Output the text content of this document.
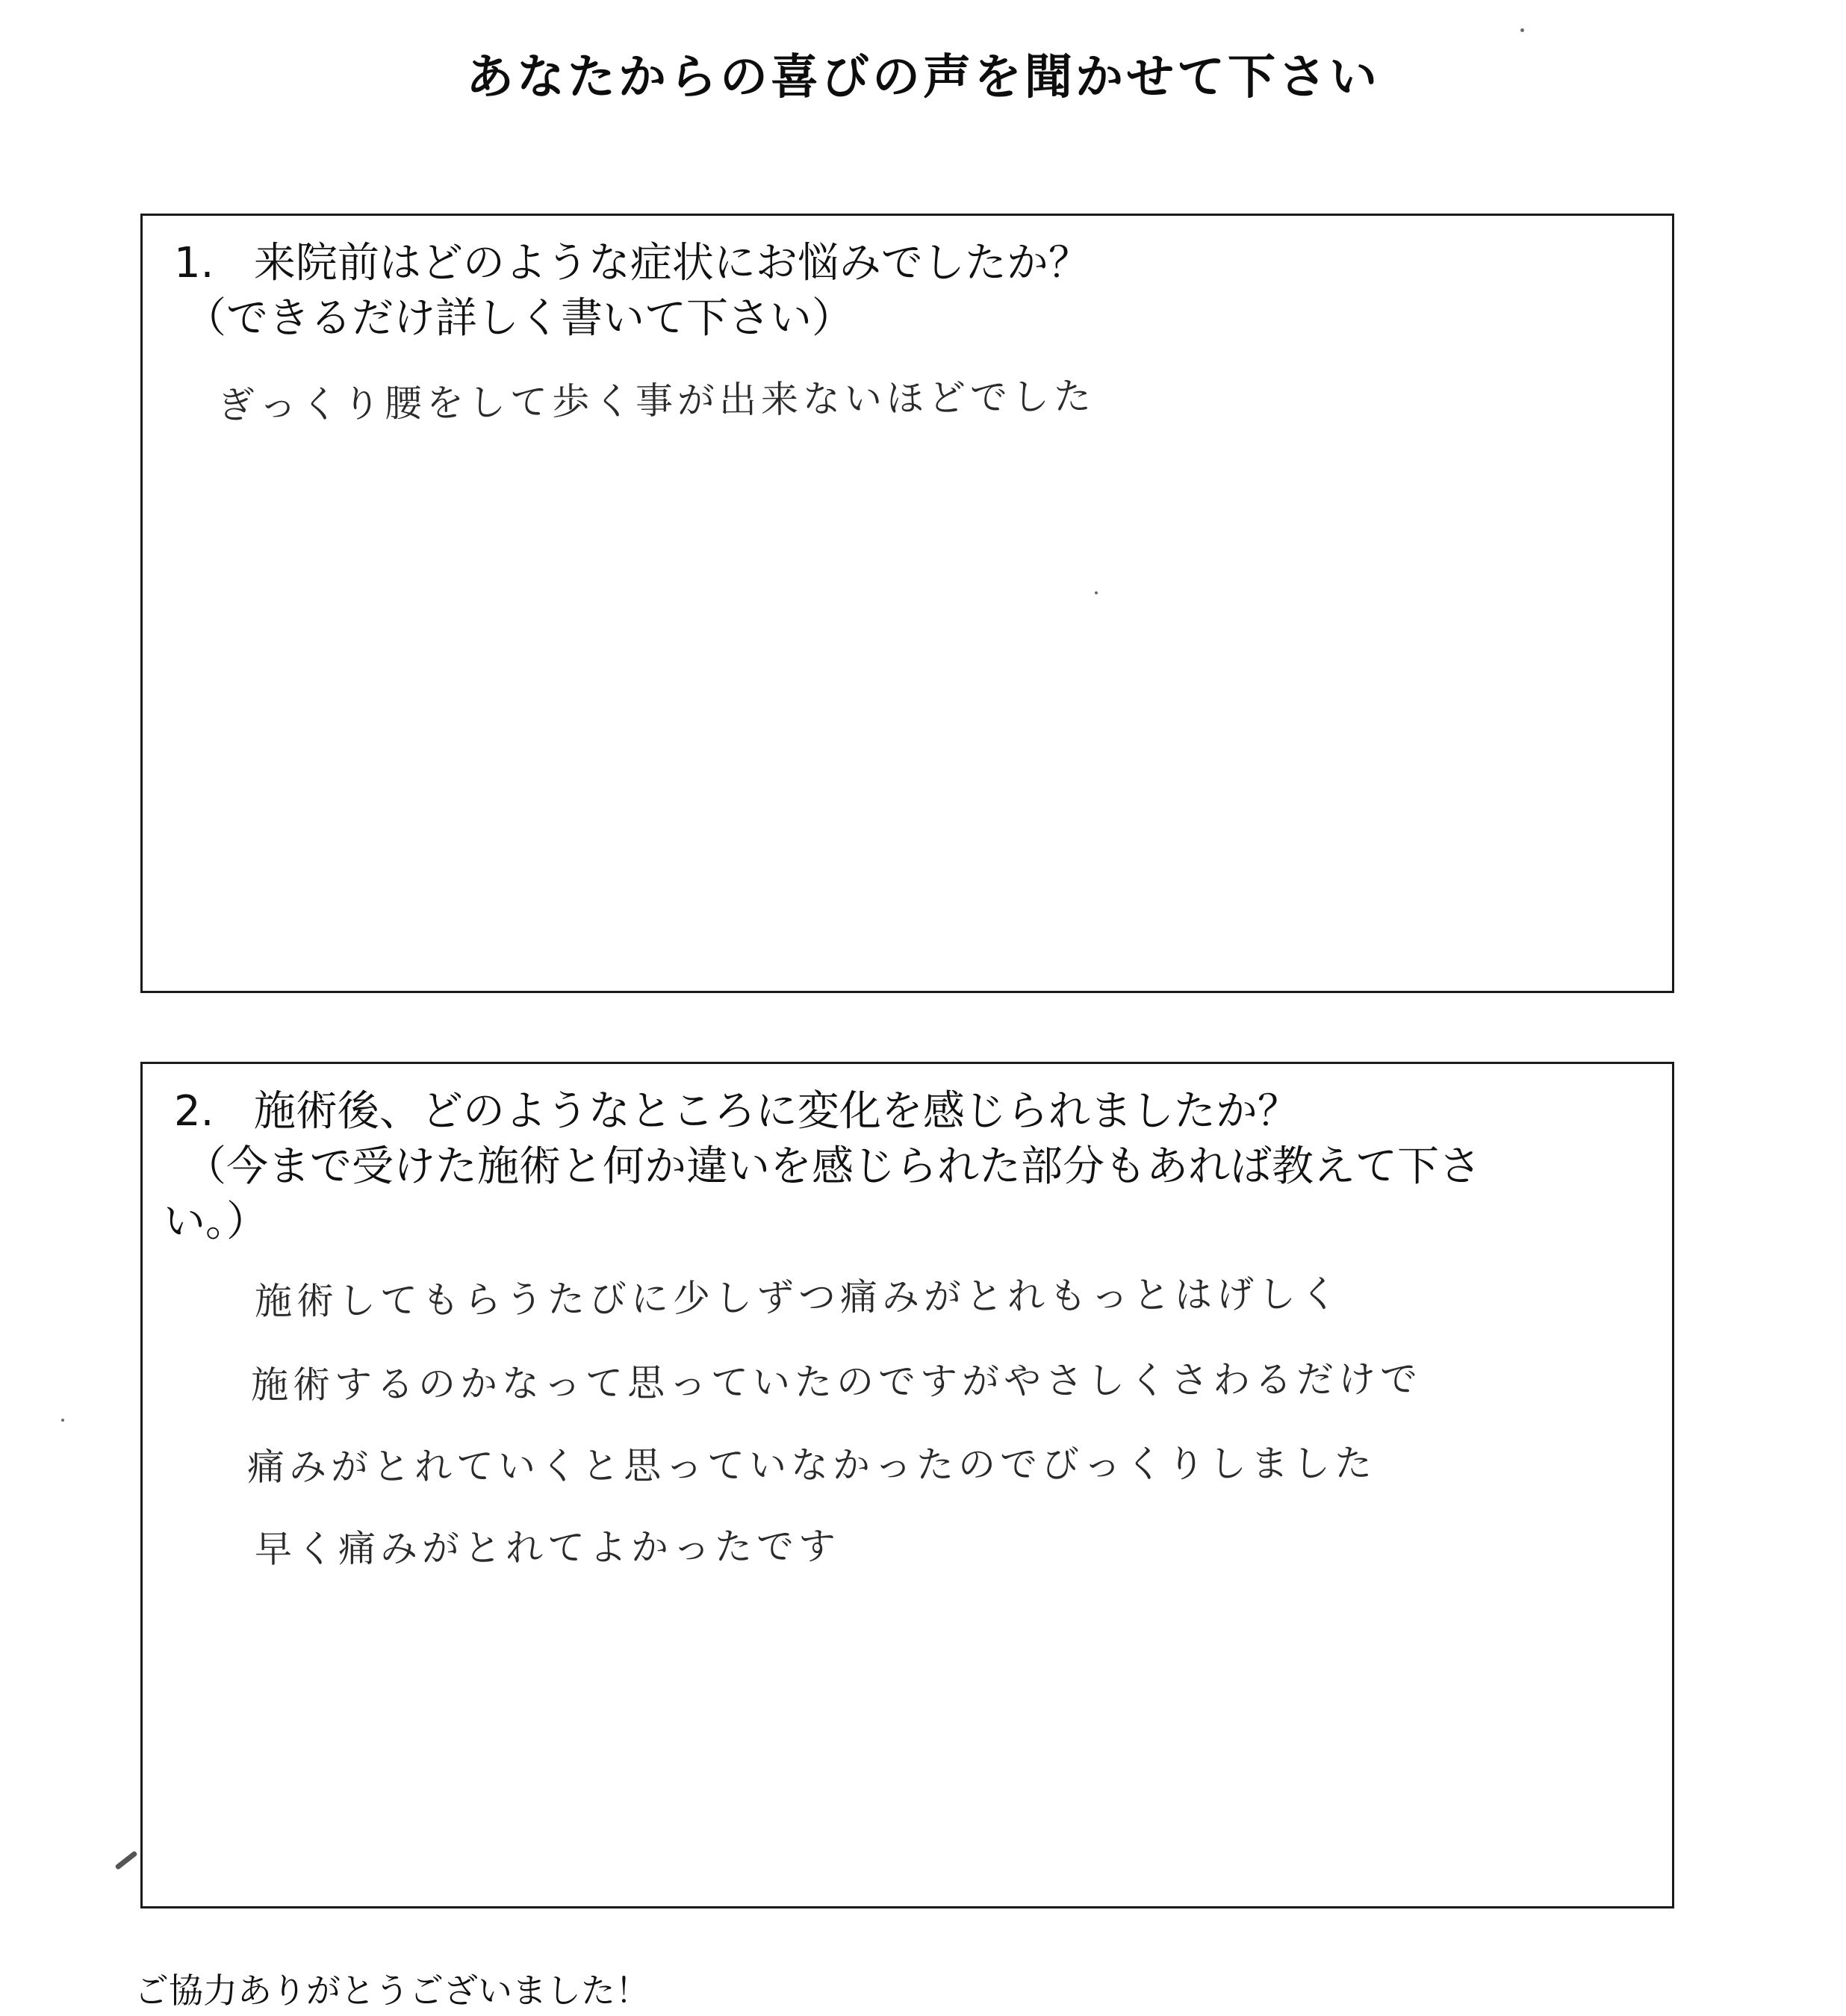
あなたからの喜びの声を聞かせて下さい
1. 来院前はどのような症状にお悩みでしたか？
（できるだけ詳しく書いて下さい）
ぎっくり腰をして歩く事が出来ないほどでした
2. 施術後、どのようなところに変化を感じられましたか？
（今まで受けた施術と何か違いを感じられた部分もあれば教えて下さ
い。）
施術してもらうたびに少しずつ痛みがとれもっとはげしく
施術するのかなって思っていたのですがやさしくさわるだけで
痛みがとれていくと思っていなかったのでびっくりしました
早く痛みがとれてよかったです
ご協力ありがとうございました！
